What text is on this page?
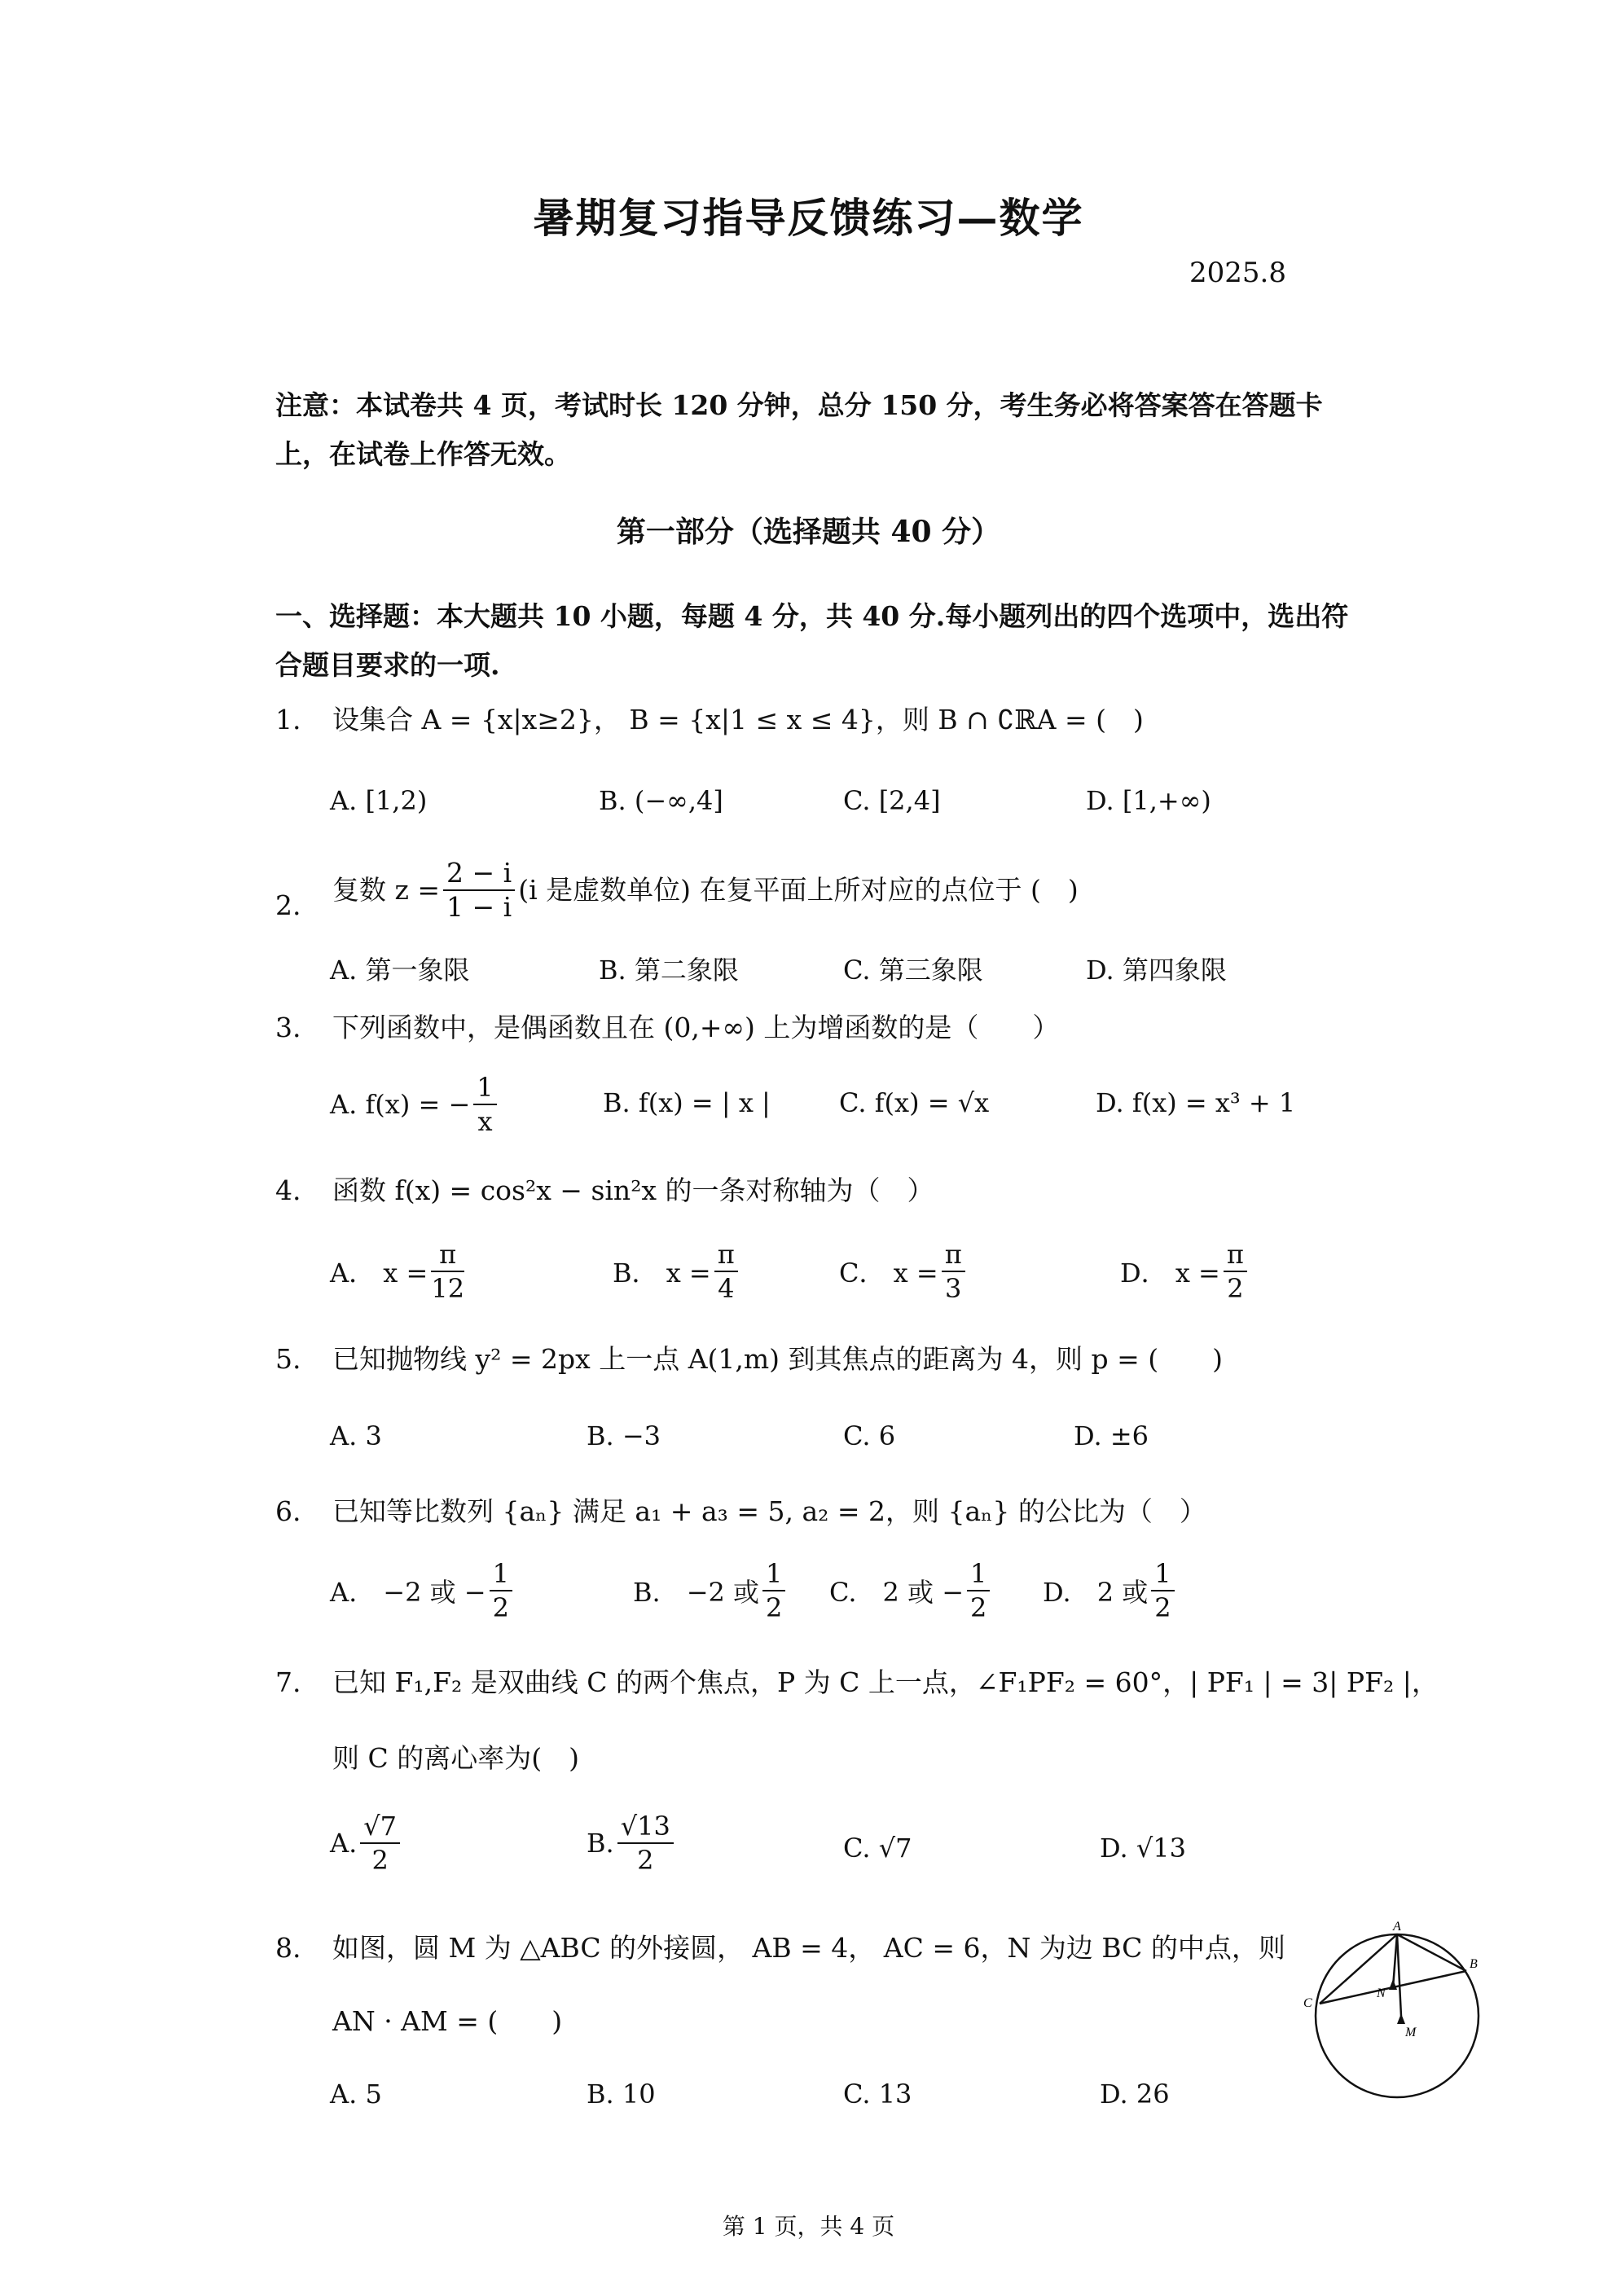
暑期复习指导反馈练习—数学
2025.8
注意：本试卷共 4 页，考试时长 120 分钟，总分 150 分，考生务必将答案答在答题卡上，在试卷上作答无效。
第一部分（选择题共 40 分）
一、选择题：本大题共 10 小题，每题 4 分，共 40 分.每小题列出的四个选项中，选出符合题目要求的一项.
1. 设集合 A = {x|x≥2}， B = {x|1 ≤ x ≤ 4}，则 B ∩ ∁ℝA = (　)
A. [1,2)	B. (−∞,4]	C. [2,4]	D. [1,+∞)
2. 复数 $z = \frac{2 - i}{1 - i} (i$ 是虚数单位) 在复平面上所对应的点位于 (　)
A. 第一象限	B. 第二象限	C. 第三象限	D. 第四象限
3. 下列函数中，是偶函数且在 (0,+∞) 上为增函数的是（　　）
A. f(x) = − $\frac{1}{x}$	B. f(x) = | x |	C. f(x) = √x	D. f(x) = x³ + 1
4. 函数 f(x) = cos²x − sin²x 的一条对称轴为（　）
A． $x = \frac{\pi}{12}$	B． $x = \frac{\pi}{4}$	C． $x = \frac{\pi}{3}$	D． $x = \frac{\pi}{2}$
5. 已知抛物线 y² = 2px 上一点 A(1,m) 到其焦点的距离为 4，则 p = (　　)
A. 3	B. −3	C. 6	D. ±6
6. 已知等比数列 {aₙ} 满足 a₁ + a₃ = 5, a₂ = 2，则 {aₙ} 的公比为（　）
A.　−2 或 − $\frac{1}{2}$	B.　−2 或 $\frac{1}{2} C$.　2 或 − $\frac{1}{2} D$.　2 或 $\frac{1}{2}$
7. 已知 F₁,F₂ 是双曲线 C 的两个焦点，P 为 C 上一点，∠F₁PF₂ = 60°，| PF₁ | = 3| PF₂ |，
则 C 的离心率为(　)
A. $\frac{√7}{2}$	B. $\frac{√13}{2}$	C. √7	D. √13
8. 如图，圆 M 为 △ABC 的外接圆， AB = 4， AC = 6，N 为边 BC 的中点，则
AN · AM = (　　)
A. 5	B. 10	C. 13	D. 26
A
B
C
N
M
第 1 页，共 4 页
